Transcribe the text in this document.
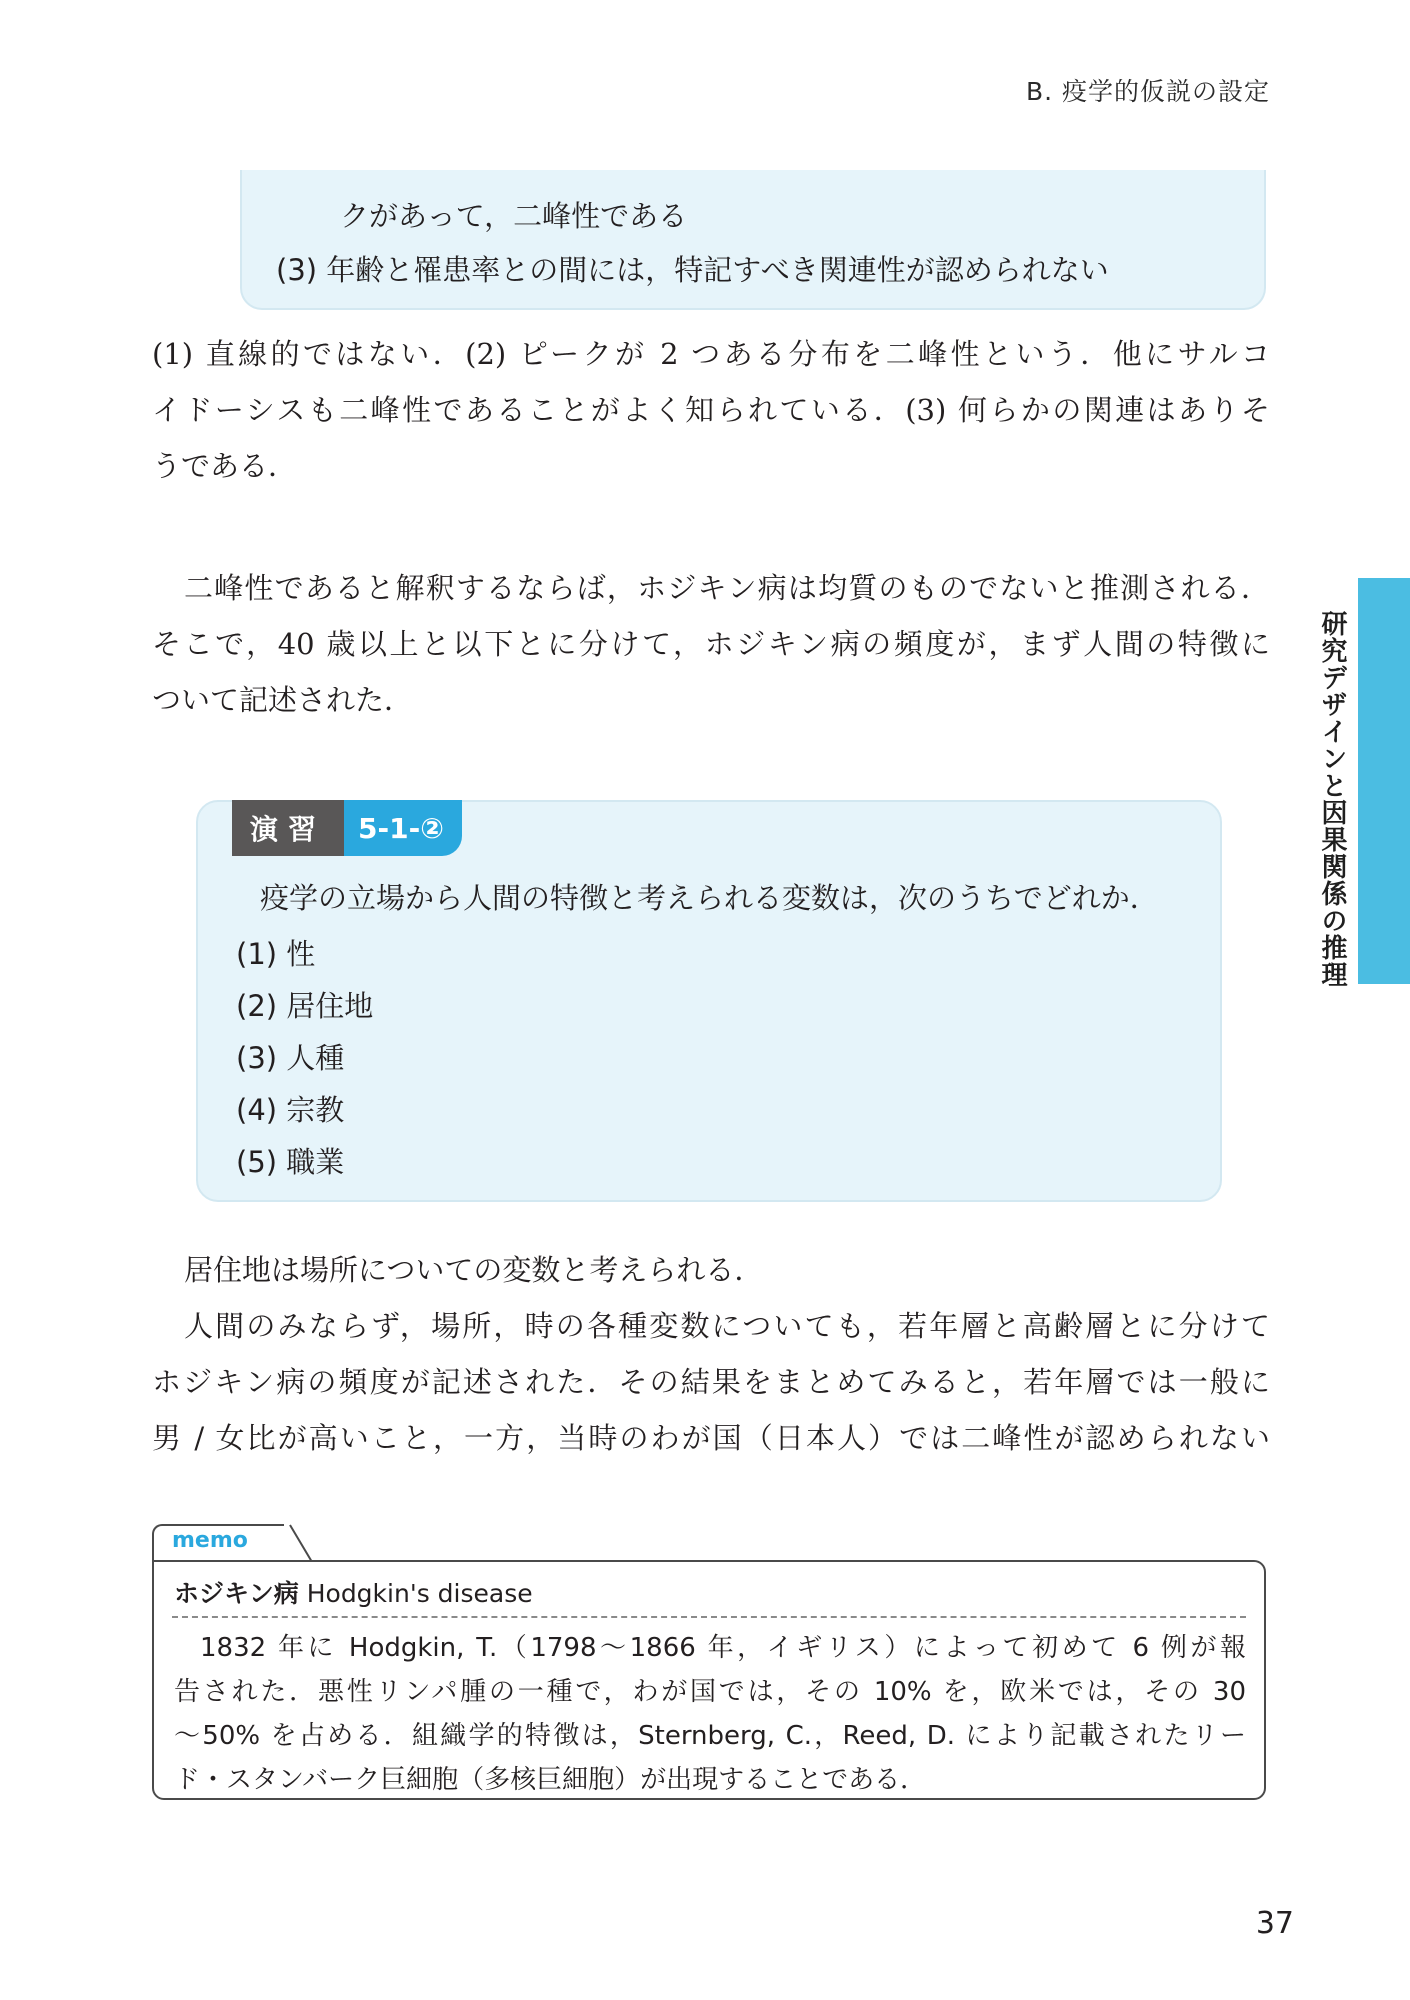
B. 疫学的仮説の設定
研究デザインと因果関係の推理
クがあって，二峰性である
(3) 年齢と罹患率との間には，特記すべき関連性が認められない
(1) 直線的ではない．(2) ピークが 2 つある分布を二峰性という．他にサルコ
イドーシスも二峰性であることがよく知られている．(3) 何らかの関連はありそ
うである．
二峰性であると解釈するならば，ホジキン病は均質のものでないと推測される．
そこで，40 歳以上と以下とに分けて，ホジキン病の頻度が，まず人間の特徴に
ついて記述された．
演習	5-1-②
疫学の立場から人間の特徴と考えられる変数は，次のうちでどれか．
(1) 性
(2) 居住地
(3) 人種
(4) 宗教
(5) 職業
居住地は場所についての変数と考えられる．
人間のみならず，場所，時の各種変数についても，若年層と高齢層とに分けて
ホジキン病の頻度が記述された．その結果をまとめてみると，若年層では一般に
男 / 女比が高いこと，一方，当時のわが国（日本人）では二峰性が認められない
memo
ホジキン病 Hodgkin's disease
1832 年に Hodgkin, T.（1798〜1866 年，イギリス）によって初めて 6 例が報
告された．悪性リンパ腫の一種で，わが国では，その 10% を，欧米では，その 30
〜50% を占める．組織学的特徴は，Sternberg, C.，Reed, D. により記載されたリー
ド・スタンバーク巨細胞（多核巨細胞）が出現することである．
37
